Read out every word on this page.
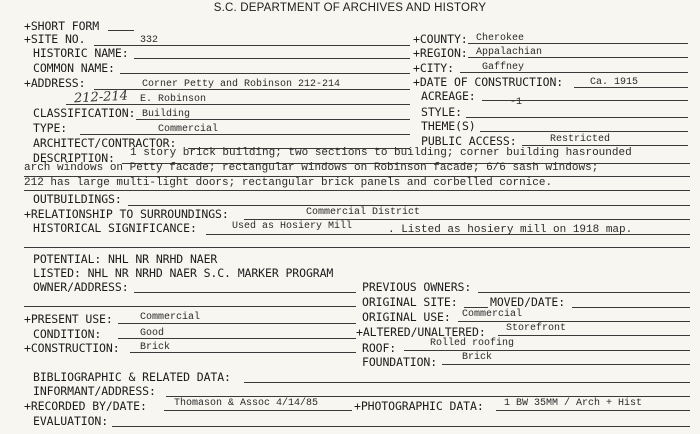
S.C. DEPARTMENT OF ARCHIVES AND HISTORY
+SHORT FORM
+SITE NO.	332
HISTORIC NAME:
COMMON NAME:
+ADDRESS:	Corner Petty and Robinson 212-214
212-214 E. Robinson
CLASSIFICATION: Building
TYPE:	Commercial
ARCHITECT/CONTRACTOR:
+COUNTY: Cherokee
+REGION: Appalachian
+CITY:	Gaffney
+DATE OF CONSTRUCTION:	Ca. 1915
ACREAGE:	-1
STYLE:
THEME(S)
PUBLIC ACCESS:	Restricted
DESCRIPTION: 1 story brick building; two sections to building; corner building hasrounded
arch windows on Petty facade; rectangular windows on Robinson facade; 6/6 sash windows;
212 has large multi-light doors; rectangular brick panels and corbelled cornice.
OUTBUILDINGS:
+RELATIONSHIP TO SURROUNDINGS:	Commercial District
HISTORICAL SIGNIFICANCE:	Used as Hosiery Mill	. Listed as hosiery mill on 1918 map.
POTENTIAL: NHL NR NRHD NAER
LISTED: NHL NR NRHD NAER S.C. MARKER PROGRAM
OWNER/ADDRESS:	PREVIOUS OWNERS:
ORIGINAL SITE:	MOVED/DATE:
+PRESENT USE:	Commercial	ORIGINAL USE: Commercial
CONDITION:	Good	+ALTERED/UNALTERED: Storefront
+CONSTRUCTION: Brick	ROOF:	Rolled roofing
FOUNDATION: Brick
BIBLIOGRAPHIC & RELATED DATA:
INFORMANT/ADDRESS:
+RECORDED BY/DATE:	Thomason & Assoc 4/14/85	+PHOTOGRAPHIC DATA: 1 BW 35MM / Arch + Hist
EVALUATION:
